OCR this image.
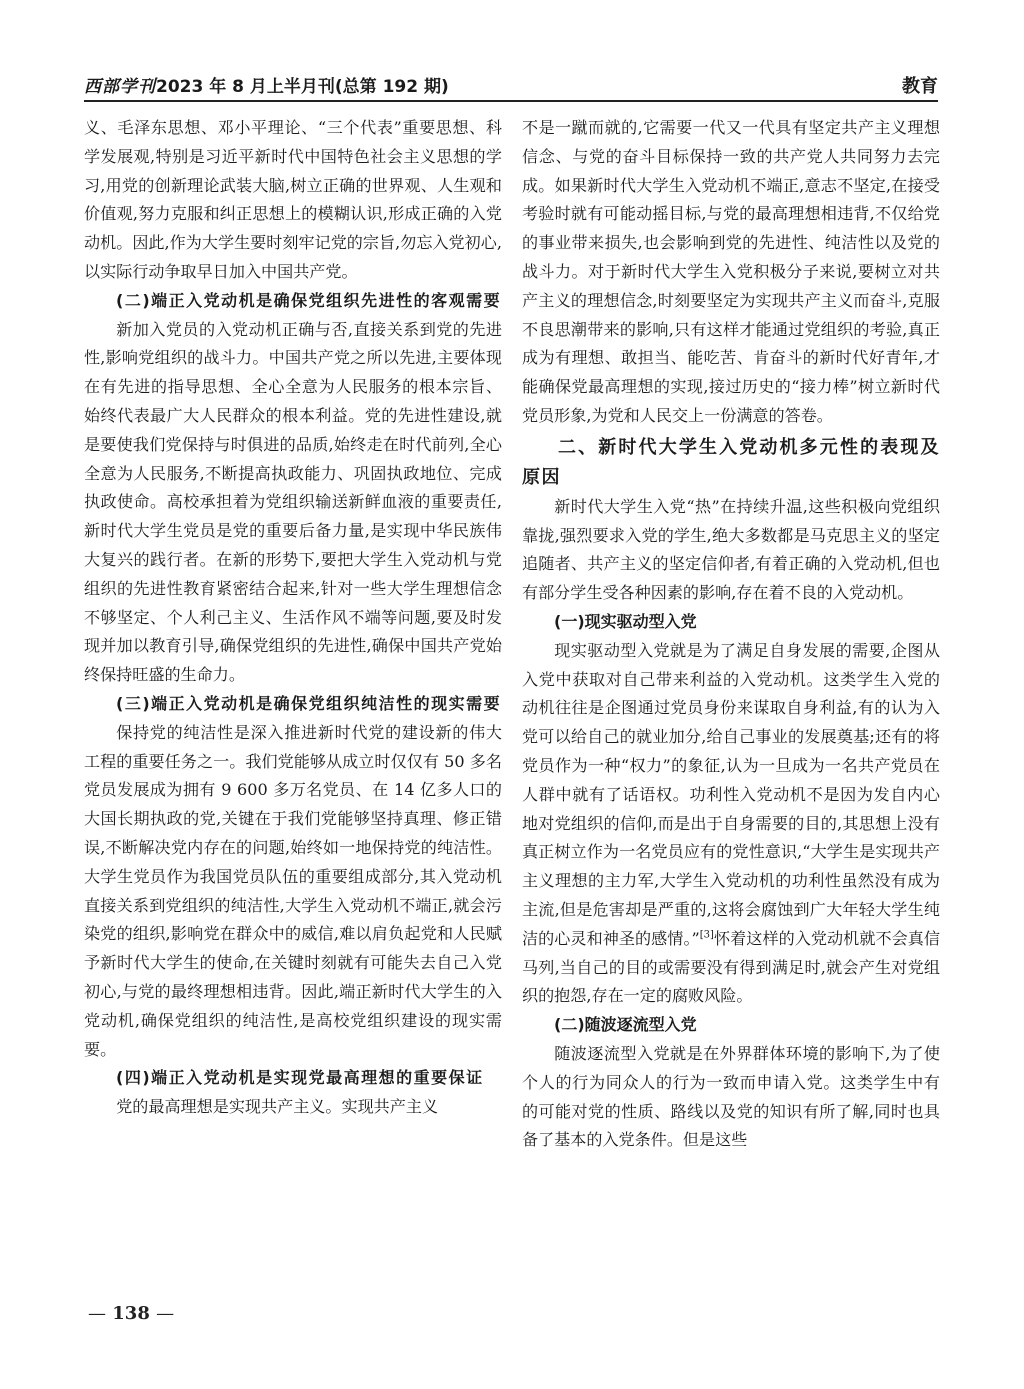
西部学刊2023 年 8 月上半月刊(总第 192 期)	教育

义、毛泽东思想、邓小平理论、“三个代表”重要思想、科学发展观,特别是习近平新时代中国特色社会主义思想的学习,用党的创新理论武装大脑,树立正确的世界观、人生观和价值观,努力克服和纠正思想上的模糊认识,形成正确的入党动机。因此,作为大学生要时刻牢记党的宗旨,勿忘入党初心,以实际行动争取早日加入中国共产党。

(二)端正入党动机是确保党组织先进性的客观需要

新加入党员的入党动机正确与否,直接关系到党的先进性,影响党组织的战斗力。中国共产党之所以先进,主要体现在有先进的指导思想、全心全意为人民服务的根本宗旨、始终代表最广大人民群众的根本利益。党的先进性建设,就是要使我们党保持与时俱进的品质,始终走在时代前列,全心全意为人民服务,不断提高执政能力、巩固执政地位、完成执政使命。高校承担着为党组织输送新鲜血液的重要责任,新时代大学生党员是党的重要后备力量,是实现中华民族伟大复兴的践行者。在新的形势下,要把大学生入党动机与党组织的先进性教育紧密结合起来,针对一些大学生理想信念不够坚定、个人利己主义、生活作风不端等问题,要及时发现并加以教育引导,确保党组织的先进性,确保中国共产党始终保持旺盛的生命力。

(三)端正入党动机是确保党组织纯洁性的现实需要

保持党的纯洁性是深入推进新时代党的建设新的伟大工程的重要任务之一。我们党能够从成立时仅仅有 50 多名党员发展成为拥有 9 600 多万名党员、在 14 亿多人口的大国长期执政的党,关键在于我们党能够坚持真理、修正错误,不断解决党内存在的问题,始终如一地保持党的纯洁性。大学生党员作为我国党员队伍的重要组成部分,其入党动机直接关系到党组织的纯洁性,大学生入党动机不端正,就会污染党的组织,影响党在群众中的威信,难以肩负起党和人民赋予新时代大学生的使命,在关键时刻就有可能失去自己入党初心,与党的最终理想相违背。因此,端正新时代大学生的入党动机,确保党组织的纯洁性,是高校党组织建设的现实需要。

(四)端正入党动机是实现党最高理想的重要保证

党的最高理想是实现共产主义。实现共产主义

不是一蹴而就的,它需要一代又一代具有坚定共产主义理想信念、与党的奋斗目标保持一致的共产党人共同努力去完成。如果新时代大学生入党动机不端正,意志不坚定,在接受考验时就有可能动摇目标,与党的最高理想相违背,不仅给党的事业带来损失,也会影响到党的先进性、纯洁性以及党的战斗力。对于新时代大学生入党积极分子来说,要树立对共产主义的理想信念,时刻要坚定为实现共产主义而奋斗,克服不良思潮带来的影响,只有这样才能通过党组织的考验,真正成为有理想、敢担当、能吃苦、肯奋斗的新时代好青年,才能确保党最高理想的实现,接过历史的“接力棒”树立新时代党员形象,为党和人民交上一份满意的答卷。

二、新时代大学生入党动机多元性的表现及原因

新时代大学生入党“热”在持续升温,这些积极向党组织靠拢,强烈要求入党的学生,绝大多数都是马克思主义的坚定追随者、共产主义的坚定信仰者,有着正确的入党动机,但也有部分学生受各种因素的影响,存在着不良的入党动机。

(一)现实驱动型入党

现实驱动型入党就是为了满足自身发展的需要,企图从入党中获取对自己带来利益的入党动机。这类学生入党的动机往往是企图通过党员身份来谋取自身利益,有的认为入党可以给自己的就业加分,给自己事业的发展奠基;还有的将党员作为一种“权力”的象征,认为一旦成为一名共产党员在人群中就有了话语权。功利性入党动机不是因为发自内心地对党组织的信仰,而是出于自身需要的目的,其思想上没有真正树立作为一名党员应有的党性意识,“大学生是实现共产主义理想的主力军,大学生入党动机的功利性虽然没有成为主流,但是危害却是严重的,这将会腐蚀到广大年轻大学生纯洁的心灵和神圣的感情。”[3]怀着这样的入党动机就不会真信马列,当自己的目的或需要没有得到满足时,就会产生对党组织的抱怨,存在一定的腐败风险。

(二)随波逐流型入党

随波逐流型入党就是在外界群体环境的影响下,为了使个人的行为同众人的行为一致而申请入党。这类学生中有的可能对党的性质、路线以及党的知识有所了解,同时也具备了基本的入党条件。但是这些

— 138 —
